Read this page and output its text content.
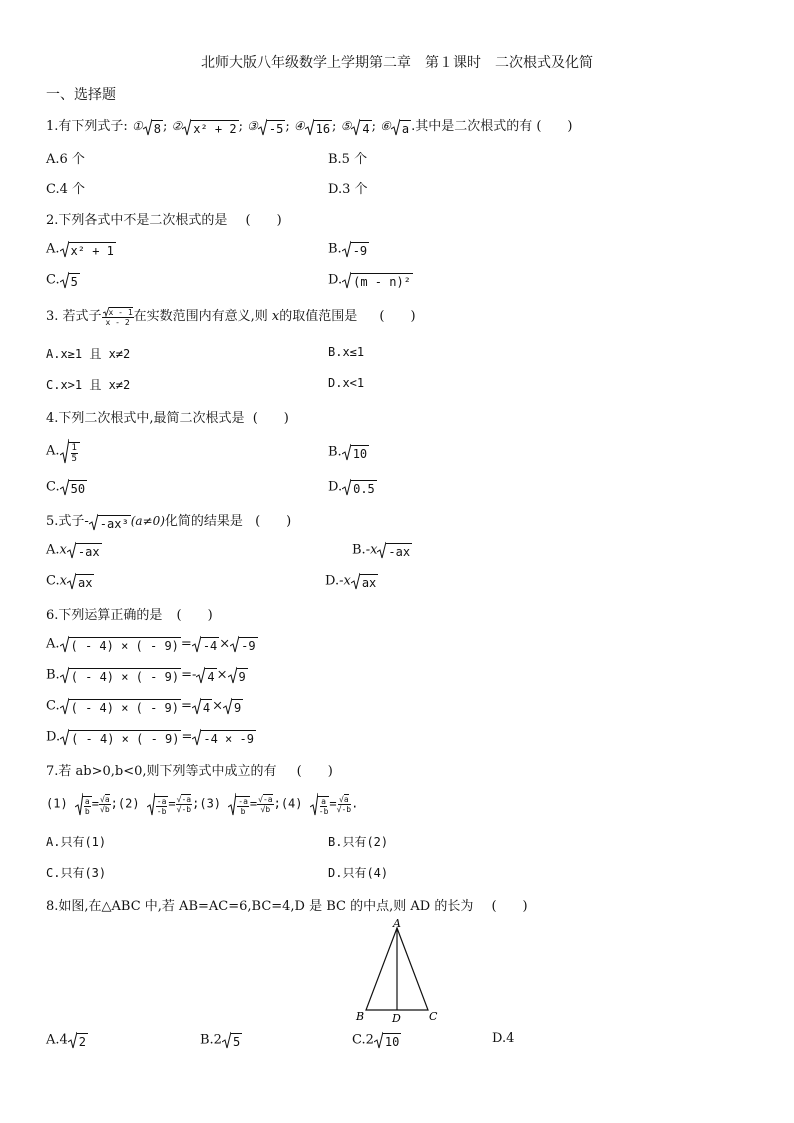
北师大版八年级数学上学期第二章　第１课时　二次根式及化简
一、选择题
1.有下列式子: ① 8 ; ② x² + 2 ; ③ -5 ; ④ 16 ; ⑤ 4 ; ⑥ a .其中是二次根式的有 (　　)
A.6 个	B.5 个
C.4 个	D.3 个
2.下列各式中不是二次根式的是 (　　)
A. x² + 1	B. -9
C. 5	D. (m - n)²
3. 若式子 $\frac{x - 1}{x - 2}$ 在实数范围内有意义,则 x的取值范围是 (　　)
A.x≥1 且 x≠2	B.x≤1
C.x>1 且 x≠2	D.x<1
4.下列二次根式中,最简二次根式是 (　　)
A. $\frac{1}{5}$	B. 10
C. 50	D. 0.5
5.式子- -ax³ (a≠0)化简的结果是 (　　)
A.x -ax	B.-x -ax
C.x ax	D.-x ax
6.下列运算正确的是 (　　)
A. ( - 4) × ( - 9) = -4 × -9
B. ( - 4) × ( - 9) =- 4 × 9
C. ( - 4) × ( - 9) = 4 × 9
D. ( - 4) × ( - 9) = -4 × -9
7.若 ab>0,b<0,则下列等式中成立的有 (　　)
$(1) \frac{a}{b} = \frac{√a}{√b}$ ;(2) $\frac{-a}{-b} = \frac{√-a}{√-b}$ ;(3) $\frac{-a}{b} = \frac{√-a}{√b}$ ;(4) $\frac{a}{-b} = \frac{√a}{√-b}$ .
A.只有(1)	B.只有(2)
C.只有(3)	D.只有(4)
8.如图,在△ABC 中,若 AB=AC=6,BC=4,D 是 BC 的中点,则 AD 的长为 (　　)
A
B	D	C
A.4 2	B.2 5	C.2 10	D.4
